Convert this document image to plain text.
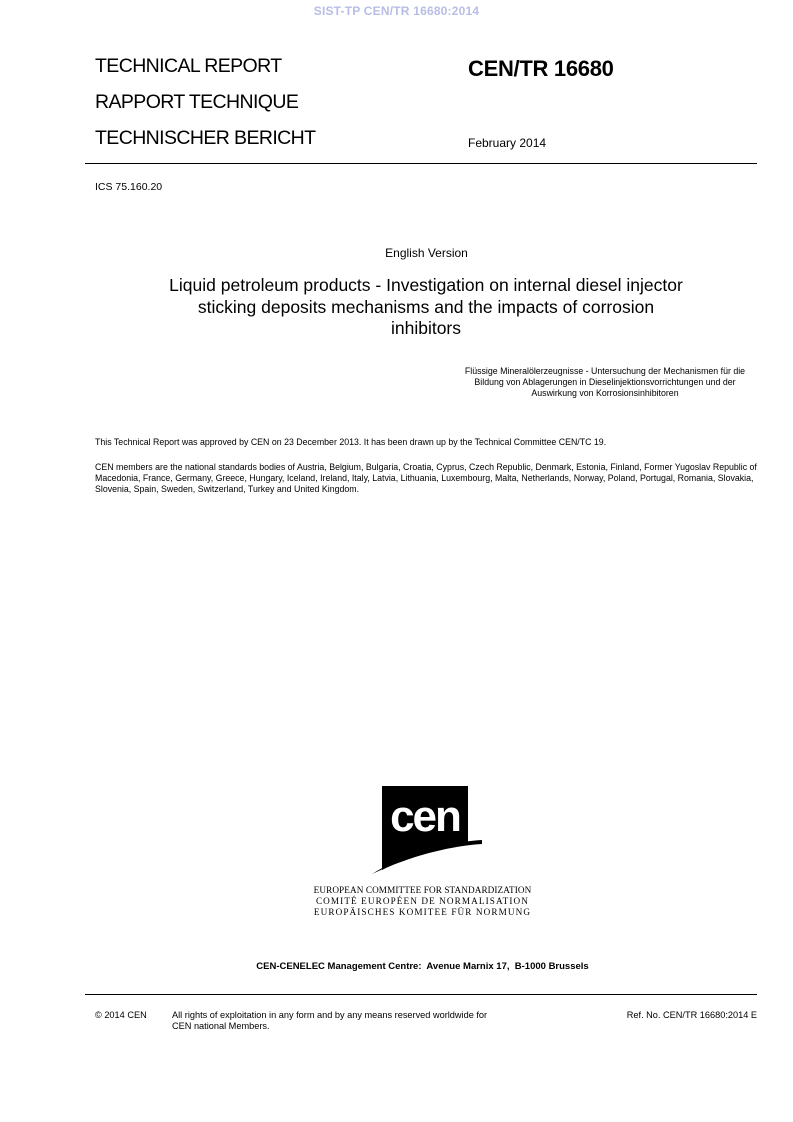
SIST-TP CEN/TR 16680:2014
TECHNICAL REPORT
RAPPORT TECHNIQUE
TECHNISCHER BERICHT
CEN/TR 16680
February 2014
ICS 75.160.20
English Version
Liquid petroleum products - Investigation on internal diesel injector sticking deposits mechanisms and the impacts of corrosion inhibitors
Flüssige Mineralölerzeugnisse - Untersuchung der Mechanismen für die Bildung von Ablagerungen in Dieselinjektionsvorrichtungen und der Auswirkung von Korrosionsinhibitoren
This Technical Report was approved by CEN on 23 December 2013. It has been drawn up by the Technical Committee CEN/TC 19.
CEN members are the national standards bodies of Austria, Belgium, Bulgaria, Croatia, Cyprus, Czech Republic, Denmark, Estonia, Finland, Former Yugoslav Republic of Macedonia, France, Germany, Greece, Hungary, Iceland, Ireland, Italy, Latvia, Lithuania, Luxembourg, Malta, Netherlands, Norway, Poland, Portugal, Romania, Slovakia, Slovenia, Spain, Sweden, Switzerland, Turkey and United Kingdom.
cen
EUROPEAN COMMITTEE FOR STANDARDIZATION
COMITÉ EUROPÉEN DE NORMALISATION
EUROPÄISCHES KOMITEE FÜR NORMUNG
CEN-CENELEC Management Centre:  Avenue Marnix 17,  B-1000 Brussels
© 2014 CEN	All rights of exploitation in any form and by any means reserved worldwide for CEN national Members.
Ref. No. CEN/TR 16680:2014 E
